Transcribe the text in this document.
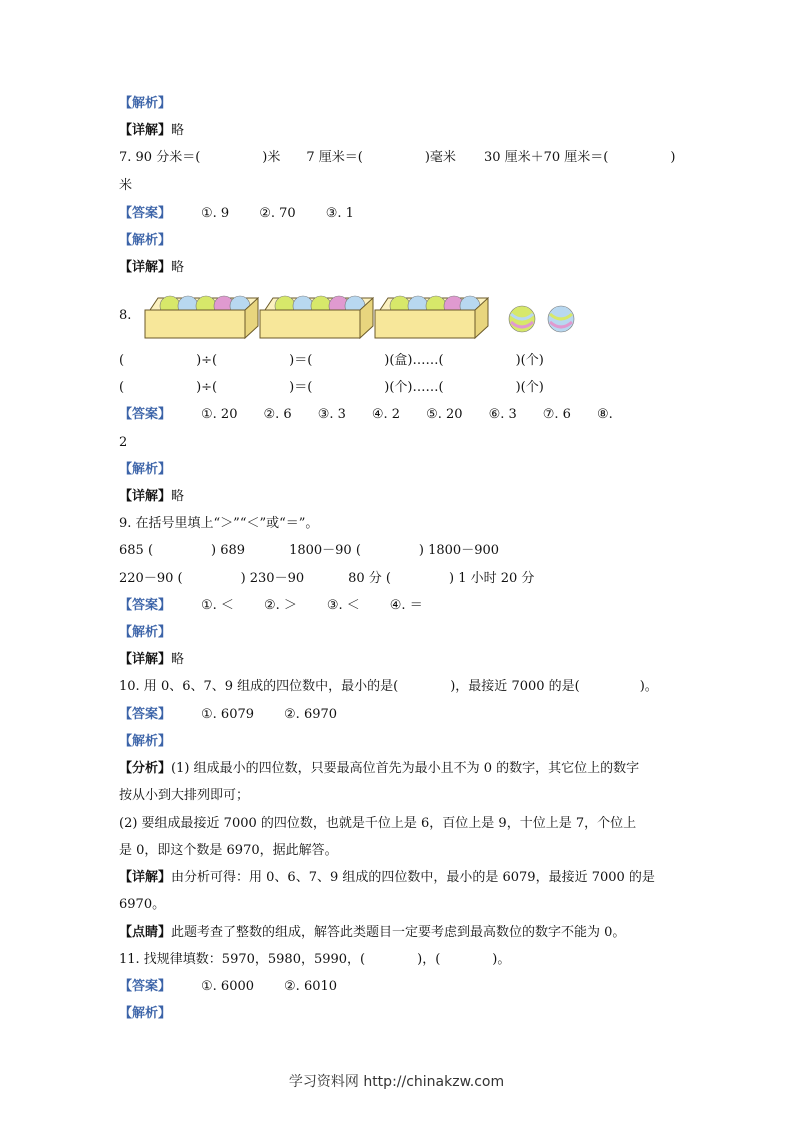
【解析】
【详解】略
7. 90 分米＝(	)米 7 厘米＝(	)毫米 30 厘米＋70 厘米＝(	)
米
【答案】 ①. 9 ②. 70 ③. 1
【解析】
【详解】略
8.
(	)÷(	)＝(	)(盒)……(	)(个)
(	)÷(	)＝(	)(个)……(	)(个)
【答案】 ①. 20 ②. 6 ③. 3 ④. 2 ⑤. 20 ⑥. 3 ⑦. 6 ⑧.
2
【解析】
【详解】略
9. 在括号里填上“＞”“＜”或“＝”。
685 (	) 689	1800－90 (	) 1800－900
220－90 (	) 230－90	80 分 (	) 1 小时 20 分
【答案】 ①. ＜ ②. ＞ ③. ＜ ④. ＝
【解析】
【详解】略
10. 用 0、6、7、9 组成的四位数中，最小的是(	)，最接近 7000 的是(	)。
【答案】 ①. 6079 ②. 6970
【解析】
【分析】(1) 组成最小的四位数，只要最高位首先为最小且不为 0 的数字，其它位上的数字
按从小到大排列即可；
(2) 要组成最接近 7000 的四位数，也就是千位上是 6，百位上是 9，十位上是 7，个位上
是 0，即这个数是 6970，据此解答。
【详解】由分析可得：用 0、6、7、9 组成的四位数中，最小的是 6079，最接近 7000 的是
6970。
【点睛】此题考查了整数的组成，解答此类题目一定要考虑到最高数位的数字不能为 0。
11. 找规律填数：5970，5980，5990，(	)，(	)。
【答案】 ①. 6000 ②. 6010
【解析】
学习资料网 http://chinakzw.com
